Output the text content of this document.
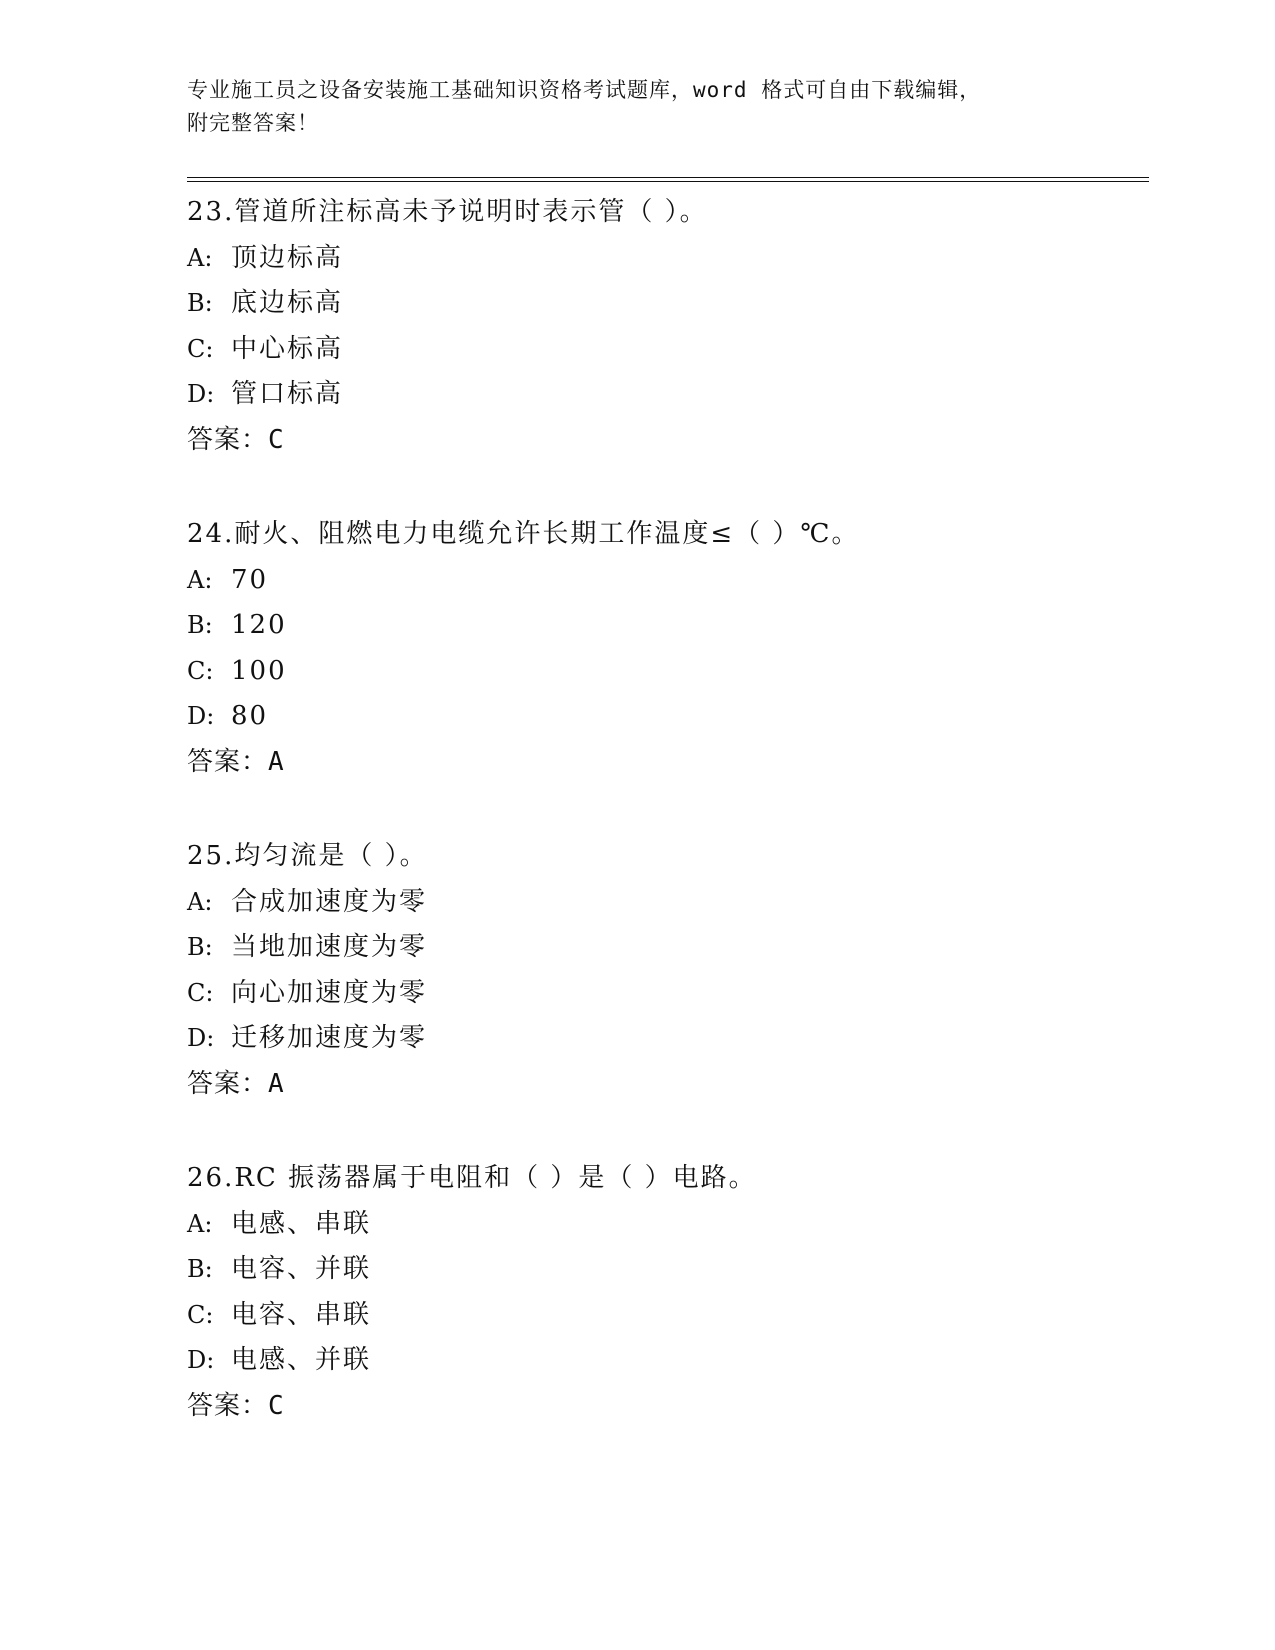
专业施工员之设备安装施工基础知识资格考试题库，word 格式可自由下载编辑，
附完整答案！
23.管道所注标高未予说明时表示管（ ）。
A: 顶边标高
B: 底边标高
C: 中心标高
D: 管口标高
答案：C
24.耐火、阻燃电力电缆允许长期工作温度≤（ ）℃。
A: 70
B: 120
C: 100
D: 80
答案：A
25.均匀流是（ ）。
A: 合成加速度为零
B: 当地加速度为零
C: 向心加速度为零
D: 迁移加速度为零
答案：A
26.RC 振荡器属于电阻和（ ）是（ ）电路。
A: 电感、串联
B: 电容、并联
C: 电容、串联
D: 电感、并联
答案：C
